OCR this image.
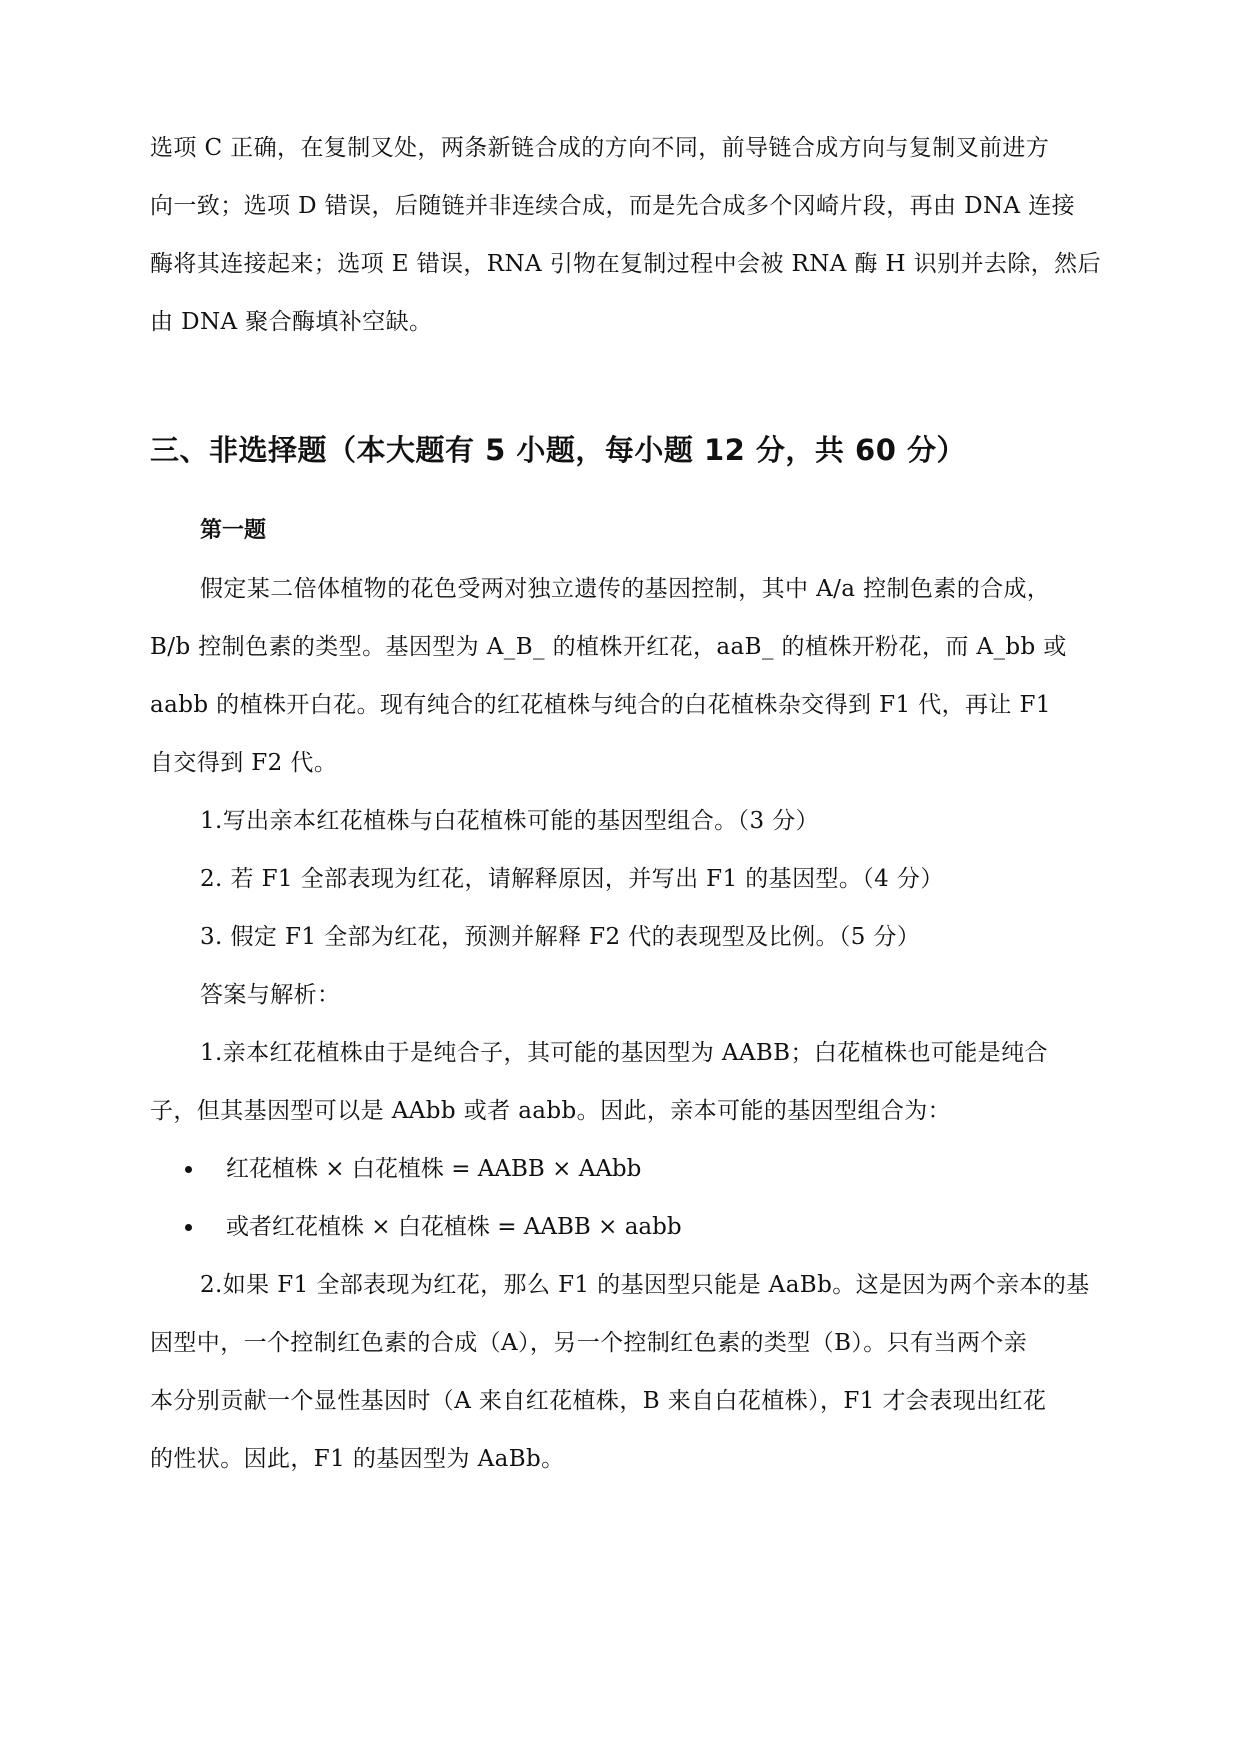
选项 C 正确，在复制叉处，两条新链合成的方向不同，前导链合成方向与复制叉前进方
向一致；选项 D 错误，后随链并非连续合成，而是先合成多个冈崎片段，再由 DNA 连接
酶将其连接起来；选项 E 错误，RNA 引物在复制过程中会被 RNA 酶 H 识别并去除，然后
由 DNA 聚合酶填补空缺。
三、非选择题（本大题有 5 小题，每小题 12 分，共 60 分）
第一题
假定某二倍体植物的花色受两对独立遗传的基因控制，其中 A/a 控制色素的合成，
B/b 控制色素的类型。基因型为 A_B_ 的植株开红花，aaB_ 的植株开粉花，而 A_bb 或
aabb 的植株开白花。现有纯合的红花植株与纯合的白花植株杂交得到 F1 代，再让 F1
自交得到 F2 代。
1.写出亲本红花植株与白花植株可能的基因型组合。（3 分）
2. 若 F1 全部表现为红花，请解释原因，并写出 F1 的基因型。（4 分）
3. 假定 F1 全部为红花，预测并解释 F2 代的表现型及比例。（5 分）
答案与解析：
1.亲本红花植株由于是纯合子，其可能的基因型为 AABB；白花植株也可能是纯合
子，但其基因型可以是 AAbb 或者 aabb。因此，亲本可能的基因型组合为：
红花植株 × 白花植株 = AABB × AAbb
或者红花植株 × 白花植株 = AABB × aabb
2.如果 F1 全部表现为红花，那么 F1 的基因型只能是 AaBb。这是因为两个亲本的基
因型中，一个控制红色素的合成（A），另一个控制红色素的类型（B）。只有当两个亲
本分别贡献一个显性基因时（A 来自红花植株，B 来自白花植株），F1 才会表现出红花
的性状。因此，F1 的基因型为 AaBb。
